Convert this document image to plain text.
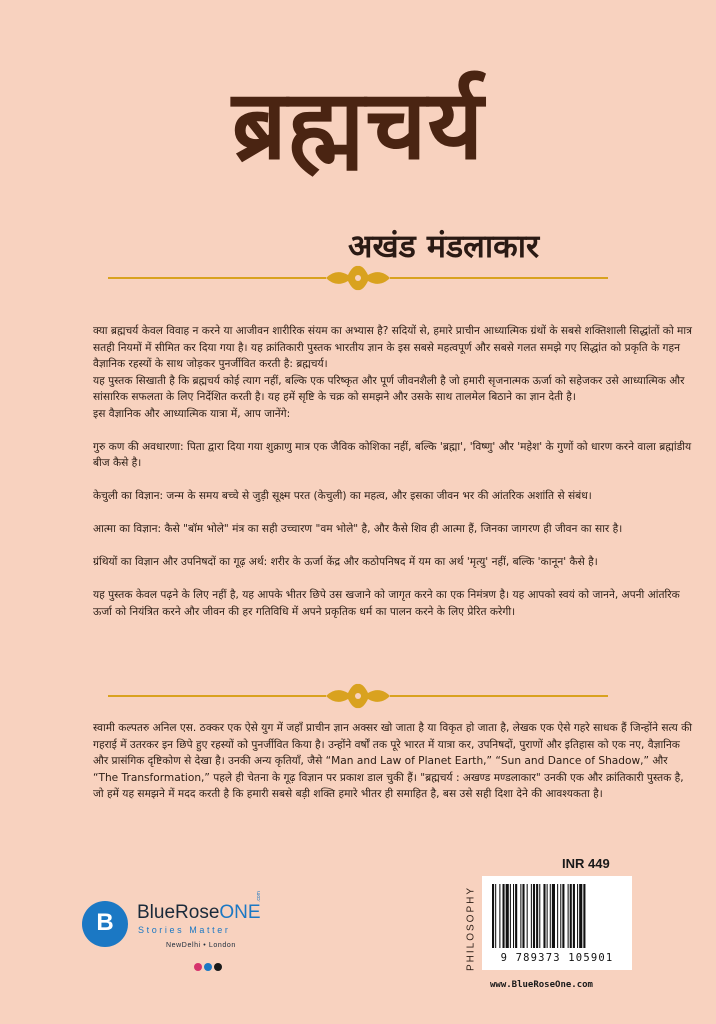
ब्रह्मचर्य
अखंड मंडलाकार

क्या ब्रह्मचर्य केवल विवाह न करने या आजीवन शारीरिक संयम का अभ्यास है? सदियों से, हमारे प्राचीन आध्यात्मिक ग्रंथों के सबसे शक्तिशाली सिद्धांतों को मात्र सतही नियमों में सीमित कर दिया गया है। यह क्रांतिकारी पुस्तक भारतीय ज्ञान के इस सबसे महत्वपूर्ण और सबसे गलत समझे गए सिद्धांत को प्रकृति के गहन वैज्ञानिक रहस्यों के साथ जोड़कर पुनर्जीवित करती है: ब्रह्मचर्य।

यह पुस्तक सिखाती है कि ब्रह्मचर्य कोई त्याग नहीं, बल्कि एक परिष्कृत और पूर्ण जीवनशैली है जो हमारी सृजनात्मक ऊर्जा को सहेजकर उसे आध्यात्मिक और सांसारिक सफलता के लिए निर्देशित करती है। यह हमें सृष्टि के चक्र को समझने और उसके साथ तालमेल बिठाने का ज्ञान देती है।

इस वैज्ञानिक और आध्यात्मिक यात्रा में, आप जानेंगे:

गुरु कण की अवधारणा: पिता द्वारा दिया गया शुक्राणु मात्र एक जैविक कोशिका नहीं, बल्कि 'ब्रह्मा', 'विष्णु' और 'महेश' के गुणों को धारण करने वाला ब्रह्मांडीय बीज कैसे है।

केचुली का विज्ञान: जन्म के समय बच्चे से जुड़ी सूक्ष्म परत (केचुली) का महत्व, और इसका जीवन भर की आंतरिक अशांति से संबंध।

आत्मा का विज्ञान: कैसे "बॉम भोले" मंत्र का सही उच्चारण "वम भोले" है, और कैसे शिव ही आत्मा हैं, जिनका जागरण ही जीवन का सार है।

ग्रंथियों का विज्ञान और उपनिषदों का गूढ़ अर्थ: शरीर के ऊर्जा केंद्र और कठोपनिषद में यम का अर्थ 'मृत्यु' नहीं, बल्कि 'कानून' कैसे है।

यह पुस्तक केवल पढ़ने के लिए नहीं है, यह आपके भीतर छिपे उस खजाने को जागृत करने का एक निमंत्रण है। यह आपको स्वयं को जानने, अपनी आंतरिक ऊर्जा को नियंत्रित करने और जीवन की हर गतिविधि में अपने प्रकृतिक धर्म का पालन करने के लिए प्रेरित करेगी।

स्वामी कल्पतरु अनिल एस. ठक्कर एक ऐसे युग में जहाँ प्राचीन ज्ञान अक्सर खो जाता है या विकृत हो जाता है, लेखक एक ऐसे गहरे साधक हैं जिन्होंने सत्य की गहराई में उतरकर इन छिपे हुए रहस्यों को पुनर्जीवित किया है। उन्होंने वर्षों तक पूरे भारत में यात्रा कर, उपनिषदों, पुराणों और इतिहास को एक नए, वैज्ञानिक और प्रासंगिक दृष्टिकोण से देखा है। उनकी अन्य कृतियाँ, जैसे “Man and Law of Planet Earth,” “Sun and Dance of Shadow,” और “The Transformation,” पहले ही चेतना के गूढ़ विज्ञान पर प्रकाश डाल चुकी हैं। "ब्रह्मचर्य : अखण्ड मण्डलाकार" उनकी एक और क्रांतिकारी पुस्तक है, जो हमें यह समझने में मदद करती है कि हमारी सबसे बड़ी शक्ति हमारे भीतर ही समाहित है, बस उसे सही दिशा देने की आवश्यकता है।

INR 449
PHILOSOPHY	9 789373 105901
www.BlueRoseOne.com
B	BlueRoseONE
.com
Stories Matter
NewDelhi • London
